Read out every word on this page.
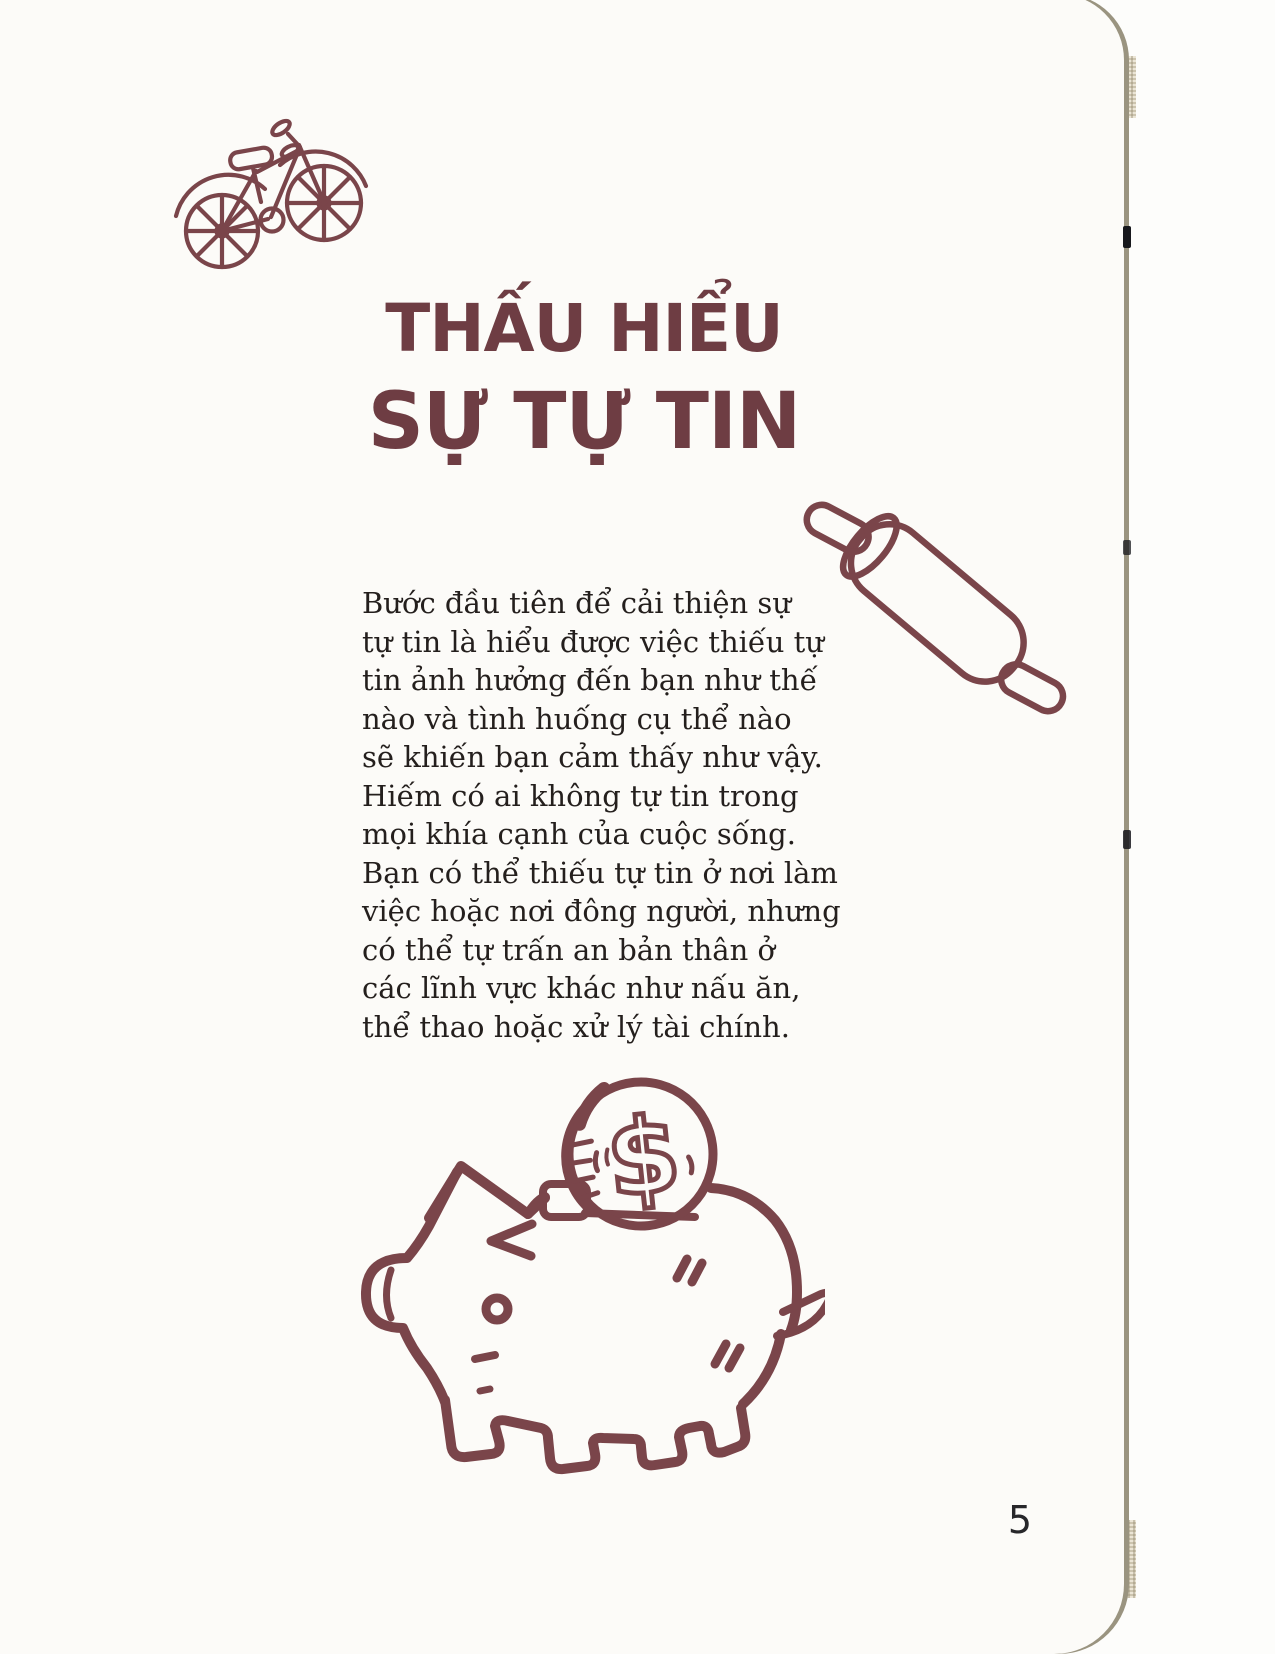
THẤU HIỂU
SỰ TỰ TIN
Bước đầu tiên để cải thiện sự
tự tin là hiểu được việc thiếu tự
tin ảnh hưởng đến bạn như thế
nào và tình huống cụ thể nào
sẽ khiến bạn cảm thấy như vậy.
Hiếm có ai không tự tin trong
mọi khía cạnh của cuộc sống.
Bạn có thể thiếu tự tin ở nơi làm
việc hoặc nơi đông người, nhưng
có thể tự trấn an bản thân ở
các lĩnh vực khác như nấu ăn,
thể thao hoặc xử lý tài chính.
$
5
